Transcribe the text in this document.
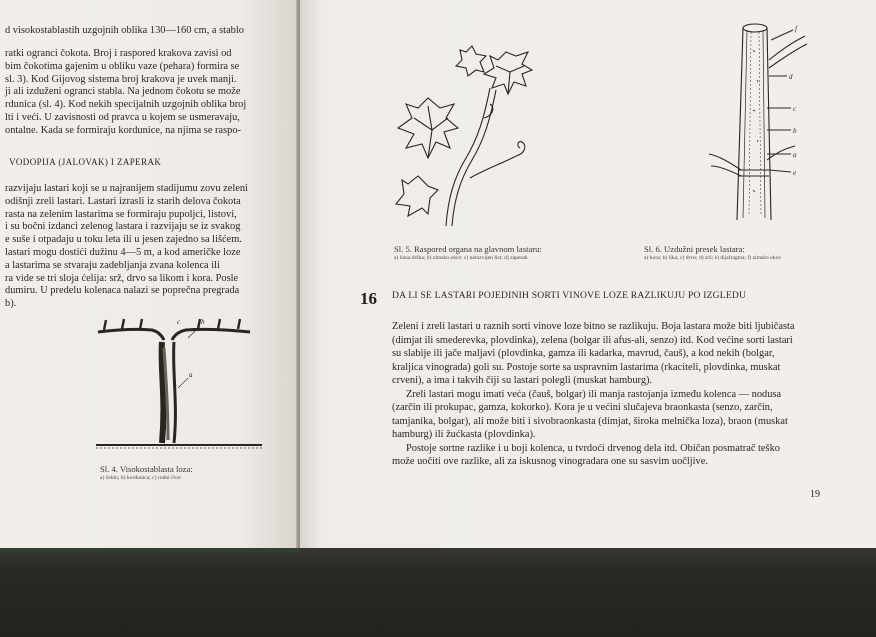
d visokostablastih uzgojnih oblika 130—160 cm, a stablo

ratki ogranci čokota. Broj i raspored krakova zavisi od

bim čokotima gajenim u obliku vaze (pehara) formira se

sl. 3). Kod Gijovog sistema broj krakova je uvek manji.

ji ali izduženi ogranci stabla. Na jednom čokotu se može

rdunica (sl. 4). Kod nekih specijalnih uzgojnih oblika broj

lti i veći. U zavisnosti od pravca u kojem se usmeravaju,

ontalne. Kada se formiraju kordunice, na njima se raspo-

VODOPIJA (JALOVAK) I ZAPERAK

razvijaju lastari koji se u najranijem stadijumu zovu zeleni

odišnji zreli lastari. Lastari izrasli iz starih delova čokota

rasta na zelenim lastarima se formiraju pupoljci, listovi,

i su bočni izdanci zelenog lastara i razvijaju se iz svakog

e suše i otpadaju u toku leta ili u jesen zajedno sa lišćem.

lastari mogu dostići dužinu 4—5 m, a kod američke loze

a lastarima se stvaraju zadebljanja zvana kolenca ili

ra vide se tri sloja ćelija: srž, drvo sa likom i kora. Posle

dumiru. U predelu kolenaca nalazi se poprečna pregrada

b).

a
b
c
Sl. 4. Visokostablasta loza:
a) čeblo; b) kordunica; c) rodni čvor
Sl. 5. Raspored organa na glavnom lastaru:
a) lisna drška; b) zimsko okce; c) nerazvijen list; d) zaperak
f
d
c
b
a
e
Sl. 6. Uzdužni presek lastara:
a) kora; b) lika; c) drvo; d) srž; e) dijafragma; f) zimsko okce
16 DA LI SE LASTARI POJEDINIH SORTI VINOVE LOZE RAZLIKUJU PO IZGLEDU

Zeleni i zreli lastari u raznih sorti vinove loze bitno se razlikuju. Boja lastara može biti ljubičasta

(dimjat ili smederevka, plovdinka), zelena (bolgar ili afus-ali, senzo) itd. Kod većine sorti lastari

su slabije ili jače maljavi (plovdinka, gamza ili kadarka, mavrud, čauš), a kod nekih (bolgar,

kraljica vinograda) goli su. Postoje sorte sa uspravnim lastarima (rkaciteli, plovdinka, muskat

crveni), a ima i takvih čiji su lastari polegli (muskat hamburg).

Zreli lastari mogu imati veća (čauš, bolgar) ili manja rastojanja između kolenca — nodusa

(zarčin ili prokupac, gamza, kokorko). Kora je u većini slučajeva braonkasta (senzo, zarčin,

tamjanika, bolgar), ali može biti i sivobraonkasta (dimjat, široka melnička loza), braon (muskat

hamburg) ili žućkasta (plovdinka).

Postoje sortne razlike i u boji kolenca, u tvrdoći drvenog dela itd. Običan posmatrač teško

može uočiti ove razlike, ali za iskusnog vinogradara one su sasvim uočljive.

19
